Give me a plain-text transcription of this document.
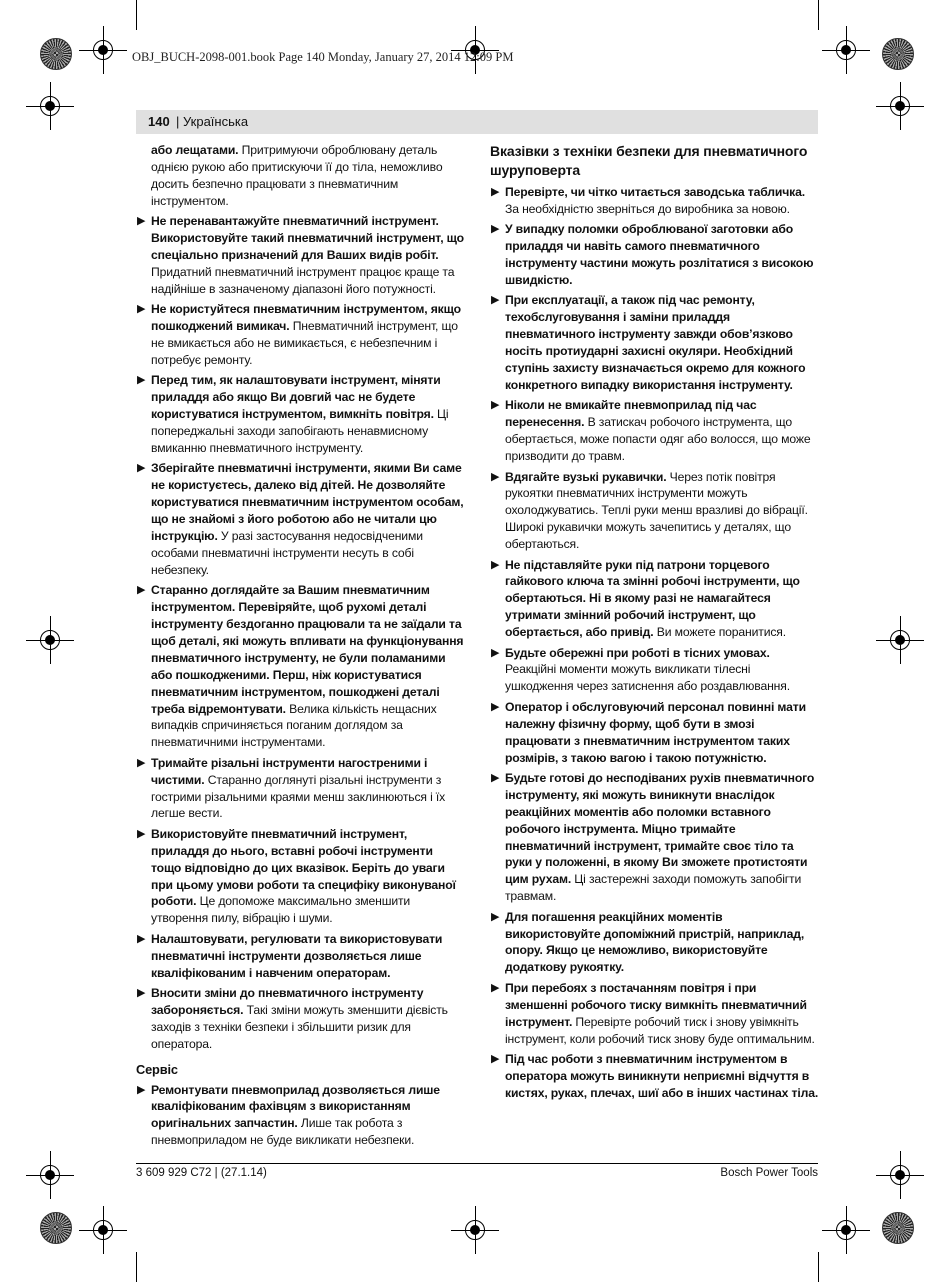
OBJ_BUCH-2098-001.book Page 140 Monday, January 27, 2014 12:09 PM
140 | Українська

або лещатами. Притримуючи оброблювану деталь однією рукою або притискуючи її до тіла, неможливо досить безпечно працювати з пневматичним інструментом.

▶ Не перенавантажуйте пневматичний інструмент. Використовуйте такий пневматичний інструмент, що спеціально призначений для Ваших видів робіт. Придатний пневматичний інструмент працює краще та надійніше в зазначеному діапазоні його потужності.
▶ Не користуйтеся пневматичним інструментом, якщо пошкоджений вимикач. Пневматичний інструмент, що не вмикається або не вимикається, є небезпечним і потребує ремонту.
▶ Перед тим, як налаштовувати інструмент, міняти приладдя або якщо Ви довгий час не будете користуватися інструментом, вимкніть повітря. Ці попереджальні заходи запобігають ненавмисному вмиканню пневматичного інструменту.
▶ Зберігайте пневматичні інструменти, якими Ви саме не користуєтесь, далеко від дітей. Не дозволяйте користуватися пневматичним інструментом особам, що не знайомі з його роботою або не читали цю інструкцію. У разі застосування недосвідченими особами пневматичні інструменти несуть в собі небезпеку.
▶ Старанно доглядайте за Вашим пневматичним інструментом. Перевіряйте, щоб рухомі деталі інструменту бездоганно працювали та не заїдали та щоб деталі, які можуть впливати на функціонування пневматичного інструменту, не були поламаними або пошкодженими. Перш, ніж користуватися пневматичним інструментом, пошкоджені деталі треба відремонтувати. Велика кількість нещасних випадків спричиняється поганим доглядом за пневматичними інструментами.
▶ Тримайте різальні інструменти нагостреними і чистими. Старанно доглянуті різальні інструменти з гострими різальними краями менш заклинюються і їх легше вести.
▶ Використовуйте пневматичний інструмент, приладдя до нього, вставні робочі інструменти тощо відповідно до цих вказівок. Беріть до уваги при цьому умови роботи та специфіку виконуваної роботи. Це допоможе максимально зменшити утворення пилу, вібрацію і шуми.
▶ Налаштовувати, регулювати та використовувати пневматичні інструменти дозволяється лише кваліфікованим і навченим операторам.
▶ Вносити зміни до пневматичного інструменту забороняється. Такі зміни можуть зменшити дієвість заходів з техніки безпеки і збільшити ризик для оператора.
Сервіс
▶ Ремонтувати пневмоприлад дозволяється лише кваліфікованим фахівцям з використанням оригінальних запчастин. Лише так робота з пневмоприладом не буде викликати небезпеки.
Вказівки з техніки безпеки для пневматичного шуруповерта
▶ Перевірте, чи чітко читається заводська табличка. За необхідністю зверніться до виробника за новою.
▶ У випадку поломки оброблюваної заготовки або приладдя чи навіть самого пневматичного інструменту частини можуть розлітатися з високою швидкістю.
▶ При експлуатації, а також під час ремонту, техобслуговування і заміни приладдя пневматичного інструменту завжди обов’язково носіть протиударні захисні окуляри. Необхідний ступінь захисту визначається окремо для кожного конкретного випадку використання інструменту.
▶ Ніколи не вмикайте пневмоприлад під час перенесення. В затискач робочого інструмента, що обертається, може попасти одяг або волосся, що може призводити до травм.
▶ Вдягайте вузькі рукавички. Через потік повітря рукоятки пневматичних інструменти можуть охолоджуватись. Теплі руки менш вразливі до вібрації. Широкі рукавички можуть зачепитись у деталях, що обертаються.
▶ Не підставляйте руки під патрони торцевого гайкового ключа та змінні робочі інструменти, що обертаються. Ні в якому разі не намагайтеся утримати змінний робочий інструмент, що обертається, або привід. Ви можете поранитися.
▶ Будьте обережні при роботі в тісних умовах. Реакційні моменти можуть викликати тілесні ушкодження через затиснення або роздавлювання.
▶ Оператор і обслуговуючий персонал повинні мати належну фізичну форму, щоб бути в змозі працювати з пневматичним інструментом таких розмірів, з такою вагою і такою потужністю.
▶ Будьте готові до несподіваних рухів пневматичного інструменту, які можуть виникнути внаслідок реакційних моментів або поломки вставного робочого інструмента. Міцно тримайте пневматичний інструмент, тримайте своє тіло та руки у положенні, в якому Ви зможете протистояти цим рухам. Ці застережні заходи поможуть запобігти травмам.
▶ Для погашення реакційних моментів використовуйте допоміжний пристрій, наприклад, опору. Якщо це неможливо, використовуйте додаткову рукоятку.
▶ При перебоях з постачанням повітря і при зменшенні робочого тиску вимкніть пневматичний інструмент. Перевірте робочий тиск і знову увімкніть інструмент, коли робочий тиск знову буде оптимальним.
▶ Під час роботи з пневматичним інструментом в оператора можуть виникнути неприємні відчуття в кистях, руках, плечах, шиї або в інших частинах тіла.
3 609 929 C72 | (27.1.14)	Bosch Power Tools
